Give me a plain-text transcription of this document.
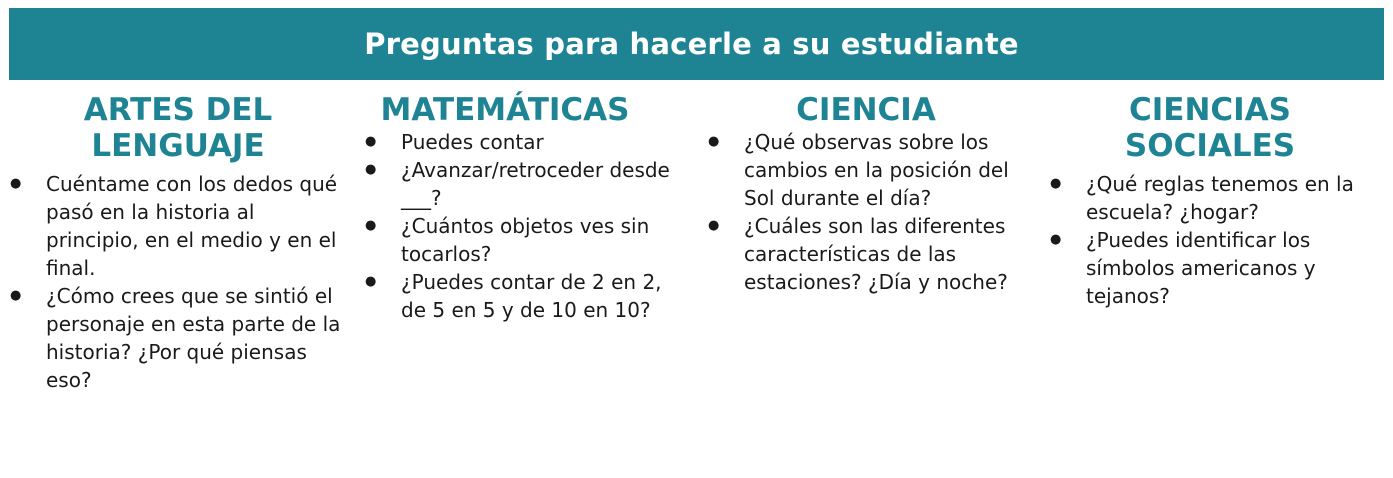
Preguntas para hacerle a su estudiante
ARTES DEL
LENGUAJE
● Cuéntame con los dedos qué pasó en la historia al principio, en el medio y en el final.
● ¿Cómo crees que se sintió el personaje en esta parte de la historia? ¿Por qué piensas eso?
MATEMÁTICAS
● Puedes contar
● ¿Avanzar/retroceder desde ___?
● ¿Cuántos objetos ves sin tocarlos?
● ¿Puedes contar de 2 en 2, de 5 en 5 y de 10 en 10?
CIENCIA
● ¿Qué observas sobre los cambios en la posición del Sol durante el día?
● ¿Cuáles son las diferentes características de las estaciones? ¿Día y noche?
CIENCIAS
SOCIALES
● ¿Qué reglas tenemos en la escuela? ¿hogar?
● ¿Puedes identificar los símbolos americanos y tejanos?
